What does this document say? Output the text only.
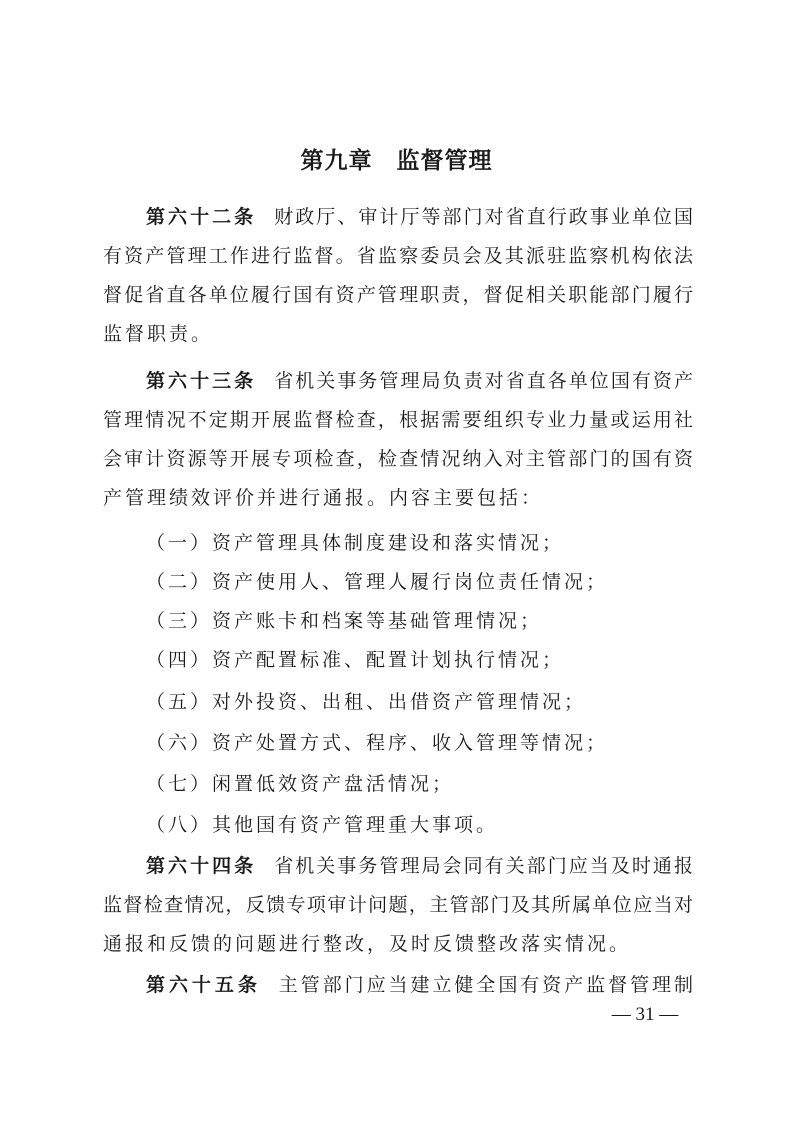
第九章　监督管理
第六十二条 财政厅、审计厅等部门对省直行政事业单位国
有资产管理工作进行监督。省监察委员会及其派驻监察机构依法
督促省直各单位履行国有资产管理职责，督促相关职能部门履行
监督职责。
第六十三条 省机关事务管理局负责对省直各单位国有资产
管理情况不定期开展监督检查，根据需要组织专业力量或运用社
会审计资源等开展专项检查，检查情况纳入对主管部门的国有资
产管理绩效评价并进行通报。内容主要包括：
（一）资产管理具体制度建设和落实情况；
（二）资产使用人、管理人履行岗位责任情况；
（三）资产账卡和档案等基础管理情况；
（四）资产配置标准、配置计划执行情况；
（五）对外投资、出租、出借资产管理情况；
（六）资产处置方式、程序、收入管理等情况；
（七）闲置低效资产盘活情况；
（八）其他国有资产管理重大事项。
第六十四条 省机关事务管理局会同有关部门应当及时通报
监督检查情况，反馈专项审计问题，主管部门及其所属单位应当对
通报和反馈的问题进行整改，及时反馈整改落实情况。
第六十五条 主管部门应当建立健全国有资产监督管理制
— 31 —
